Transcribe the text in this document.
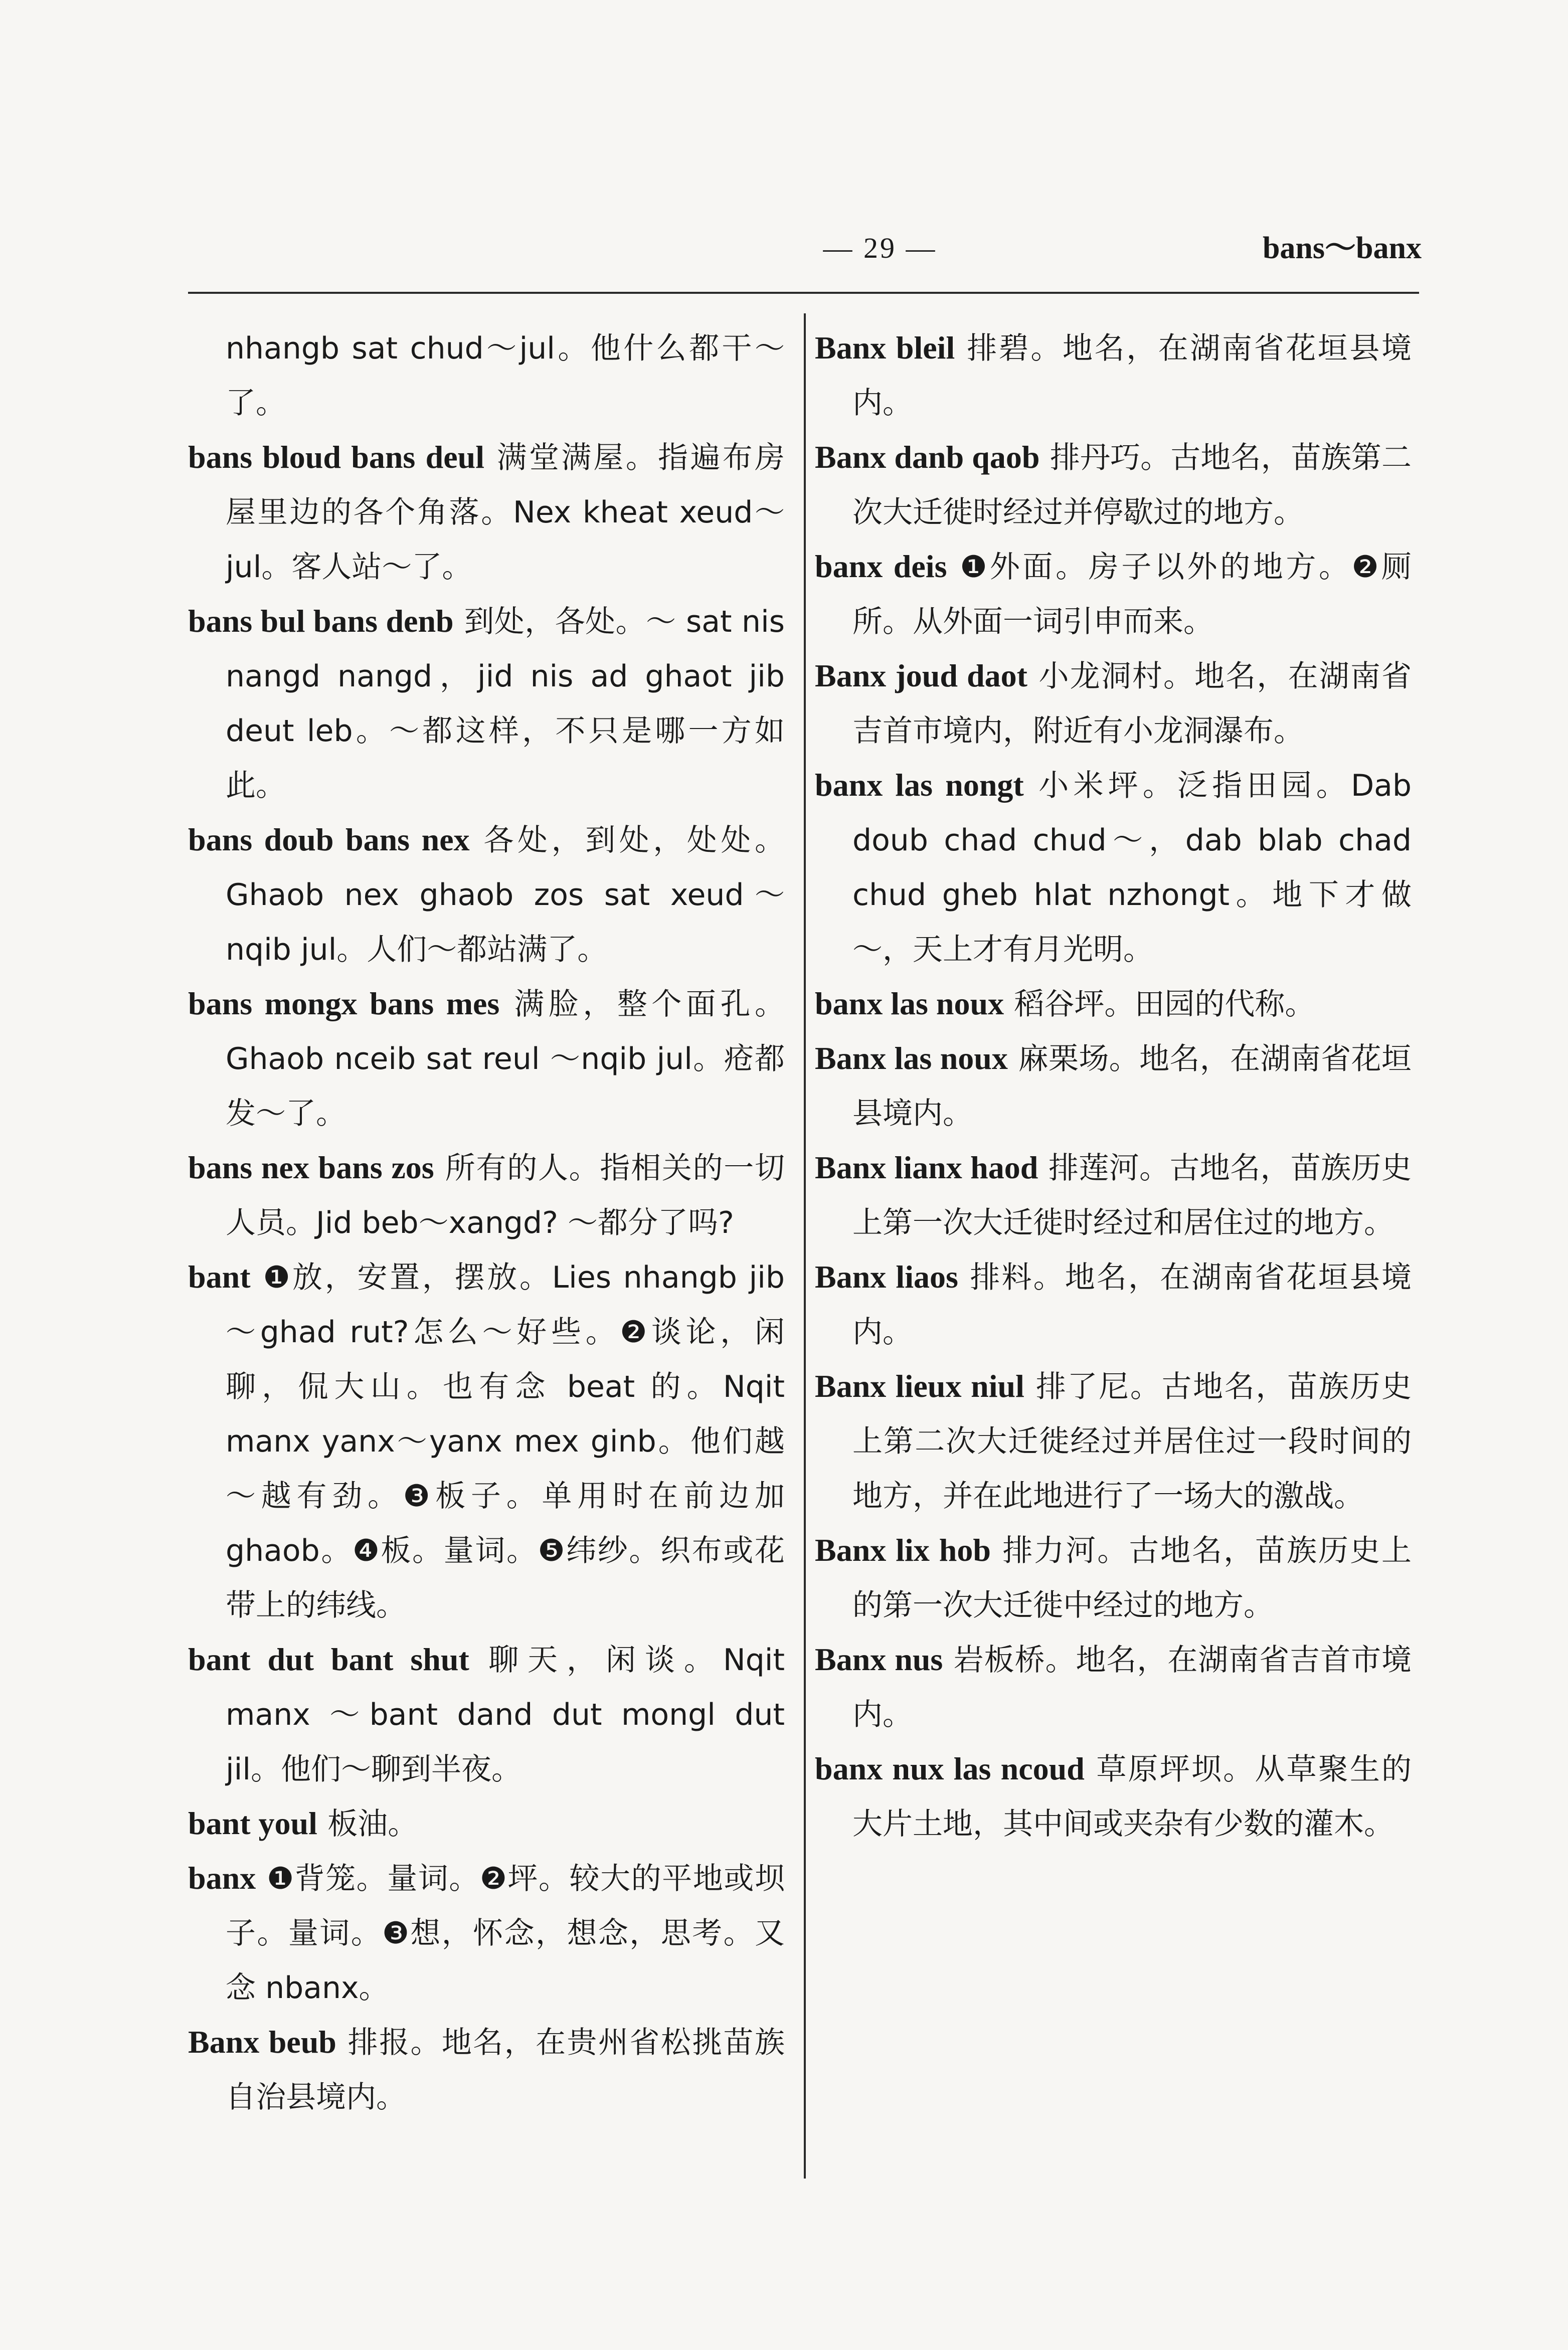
— 29 —	bans～banx
nhangb sat chud～jul。他什么都干～了。
bans bloud bans deul 满堂满屋。指遍布房屋里边的各个角落。Nex kheat xeud～jul。客人站～了。
bans bul bans denb 到处，各处。～ sat nis nangd nangd，jid nis ad ghaot jib deut leb。～都这样，不只是哪一方如此。
bans doub bans nex 各处，到处，处处。Ghaob nex ghaob zos sat xeud～nqib jul。人们～都站满了。
bans mongx bans mes 满脸，整个面孔。Ghaob nceib sat reul ～nqib jul。疮都发～了。
bans nex bans zos 所有的人。指相关的一切人员。Jid beb～xangd? ～都分了吗?
bant ❶放，安置，摆放。Lies nhangb jib～ghad rut?怎么～好些。❷谈论，闲聊，侃大山。也有念 beat 的。Nqit manx yanx～yanx mex ginb。他们越～越有劲。❸板子。单用时在前边加 ghaob。❹板。量词。❺纬纱。织布或花带上的纬线。
bant dut bant shut 聊天，闲谈。Nqit manx ～bant dand dut mongl dut jil。他们～聊到半夜。
bant youl 板油。
banx ❶背笼。量词。❷坪。较大的平地或坝子。量词。❸想，怀念，想念，思考。又念 nbanx。
Banx beub 排报。地名，在贵州省松挑苗族自治县境内。
Banx bleil 排碧。地名，在湖南省花垣县境内。
Banx danb qaob 排丹巧。古地名，苗族第二次大迁徙时经过并停歇过的地方。
banx deis ❶外面。房子以外的地方。❷厕所。从外面一词引申而来。
Banx joud daot 小龙洞村。地名，在湖南省吉首市境内，附近有小龙洞瀑布。
banx las nongt 小米坪。泛指田园。Dab doub chad chud～，dab blab chad chud gheb hlat nzhongt。地下才做～，天上才有月光明。
banx las noux 稻谷坪。田园的代称。
Banx las noux 麻栗场。地名，在湖南省花垣县境内。
Banx lianx haod 排莲河。古地名，苗族历史上第一次大迁徙时经过和居住过的地方。
Banx liaos 排料。地名，在湖南省花垣县境内。
Banx lieux niul 排了尼。古地名，苗族历史上第二次大迁徙经过并居住过一段时间的地方，并在此地进行了一场大的激战。
Banx lix hob 排力河。古地名，苗族历史上的第一次大迁徙中经过的地方。
Banx nus 岩板桥。地名，在湖南省吉首市境内。
banx nux las ncoud 草原坪坝。从草聚生的大片土地，其中间或夹杂有少数的灌木。
